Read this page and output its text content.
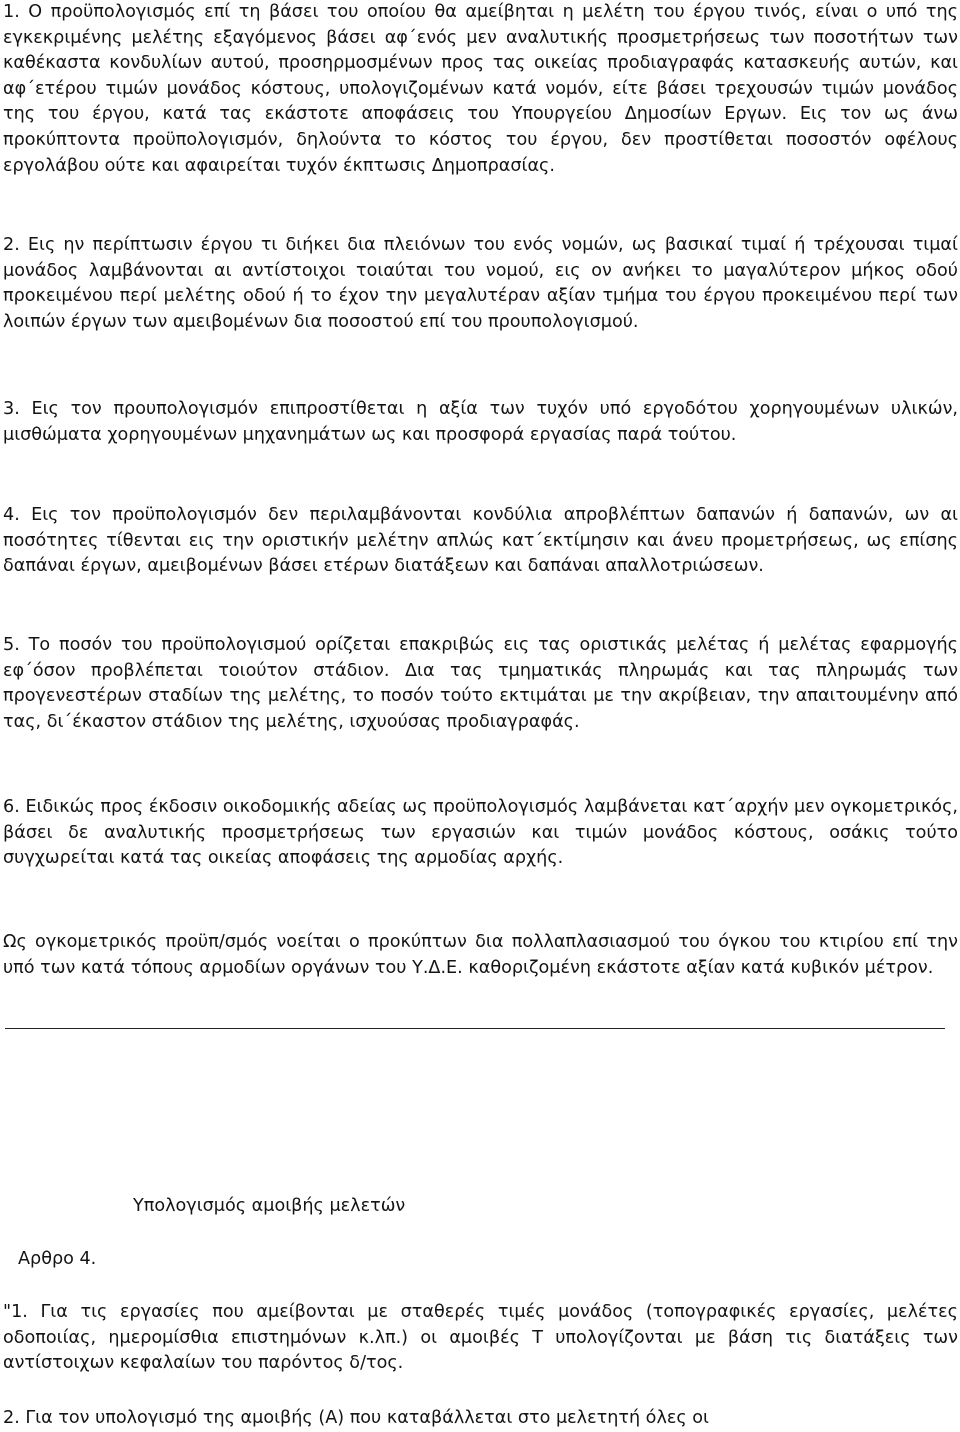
1. Ο προϋπολογισμός επί τη βάσει του οποίου θα αμείβηται η μελέτη του έργου τινός, είναι ο υπό της εγκεκριμένης μελέτης εξαγόμενος βάσει αφ΄ενός μεν αναλυτικής προσμετρήσεως των ποσοτήτων των καθέκαστα κονδυλίων αυτού, προσηρμοσμένων προς τας οικείας προδιαγραφάς κατασκευής αυτών, και αφ΄ετέρου τιμών μονάδος κόστους, υπολογιζομένων κατά νομόν, είτε βάσει τρεχουσών τιμών μονάδος της του έργου, κατά τας εκάστοτε αποφάσεις του Υπουργείου Δημοσίων Εργων. Εις τον ως άνω προκύπτοντα προϋπολογισμόν, δηλούντα το κόστος του έργου, δεν προστίθεται ποσοστόν οφέλους εργολάβου ούτε και αφαιρείται τυχόν έκπτωσις Δημοπρασίας.

2. Εις ην περίπτωσιν έργου τι διήκει δια πλειόνων του ενός νομών, ως βασικαί τιμαί ή τρέχουσαι τιμαί μονάδος λαμβάνονται αι αντίστοιχοι τοιαύται του νομού, εις ον ανήκει το μαγαλύτερον μήκος οδού προκειμένου περί μελέτης οδού ή το έχον την μεγαλυτέραν αξίαν τμήμα του έργου προκειμένου περί των λοιπών έργων των αμειβομένων δια ποσοστού επί του προυπολογισμού.

3. Εις τον προυπολογισμόν επιπροστίθεται η αξία των τυχόν υπό εργοδότου χορηγουμένων υλικών, μισθώματα χορηγουμένων μηχανημάτων ως και προσφορά εργασίας παρά τούτου.

4. Εις τον προϋπολογισμόν δεν περιλαμβάνονται κονδύλια απροβλέπτων δαπανών ή δαπανών, ων αι ποσότητες τίθενται εις την οριστικήν μελέτην απλώς κατ΄εκτίμησιν και άνευ προμετρήσεως, ως επίσης δαπάναι έργων, αμειβομένων βάσει ετέρων διατάξεων και δαπάναι απαλλοτριώσεων.

5. Το ποσόν του προϋπολογισμού ορίζεται επακριβώς εις τας οριστικάς μελέτας ή μελέτας εφαρμογής εφ΄όσον προβλέπεται τοιούτον στάδιον. Δια τας τμηματικάς πληρωμάς και τας πληρωμάς των προγενεστέρων σταδίων της μελέτης, το ποσόν τούτο εκτιμάται με την ακρίβειαν, την απαιτουμένην από τας, δι΄έκαστον στάδιον της μελέτης, ισχυούσας προδιαγραφάς.

6. Ειδικώς προς έκδοσιν οικοδομικής αδείας ως προϋπολογισμός λαμβάνεται κατ΄αρχήν μεν ογκομετρικός, βάσει δε αναλυτικής προσμετρήσεως των εργασιών και τιμών μονάδος κόστους, οσάκις τούτο συγχωρείται κατά τας οικείας αποφάσεις της αρμοδίας αρχής.

Ως ογκομετρικός προϋπ/σμός νοείται ο προκύπτων δια πολλαπλασιασμού του όγκου του κτιρίου επί την υπό των κατά τόπους αρμοδίων οργάνων του Υ.Δ.Ε. καθοριζομένη εκάστοτε αξίαν κατά κυβικόν μέτρον.

Υπολογισμός αμοιβής μελετών
Αρθρο 4.

"1. Για τις εργασίες που αμείβονται με σταθερές τιμές μονάδος (τοπογραφικές εργασίες, μελέτες οδοποιίας, ημερομίσθια επιστημόνων κ.λπ.) οι αμοιβές Τ υπολογίζονται με βάση τις διατάξεις των αντίστοιχων κεφαλαίων του παρόντος δ/τος.

2. Για τον υπολογισμό της αμοιβής (Α) που καταβάλλεται στο μελετητή όλες οι
